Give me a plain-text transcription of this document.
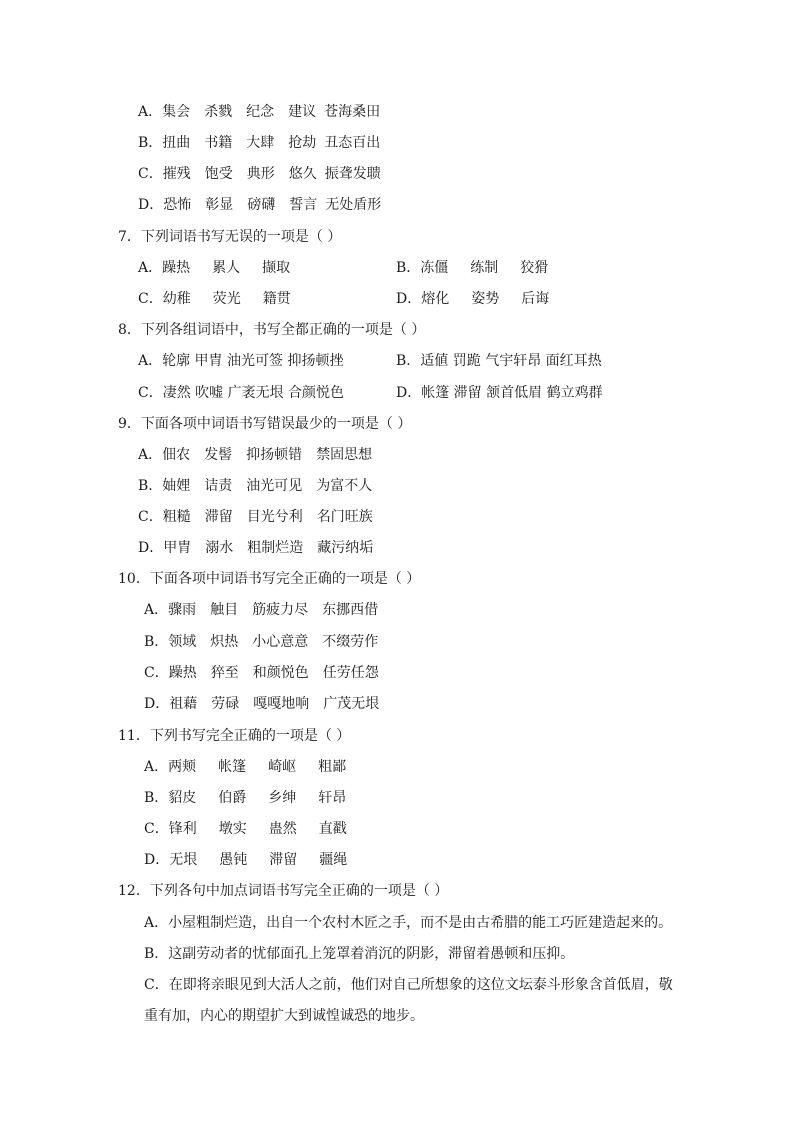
A．集会 杀戮 纪念 建议 苍海桑田
B．扭曲 书籍 大肆 抢劫 丑态百出
C．摧残 饱受 典形 悠久 振聋发聩
D．恐怖 彰显 磅礴 誓言 无处盾形
7．下列词语书写无误的一项是（ ）
A．躁热 累人 撷取	B．冻僵 练制 狡猾
C．幼稚 荧光 籍贯	D．熔化 姿势 后诲
8．下列各组词语中，书写全都正确的一项是（ ）
A．轮廓 甲胄 油光可签 抑扬顿挫	B．适値 罚跪 气宇轩昂 面红耳热
C．凄然 吹嘘 广袤无垠 合颜悦色	D．帐篷 滞留 颔首低眉 鹤立鸡群
9．下面各项中词语书写错误最少的一项是（ ）
A．佃农 发髻 抑扬顿错 禁固思想
B．妯娌 诘责 油光可见 为富不人
C．粗糙 滞留 目光兮利 名门旺族
D．甲胄 溺水 粗制烂造 藏污纳垢
10．下面各项中词语书写完全正确的一项是（ ）
A．骤雨 触目 筋疲力尽 东挪西借
B．领域 炽热 小心意意 不缀劳作
C．躁热 猝至 和颜悦色 任劳任怨
D．祖藉 劳碌 嘎嘎地响 广茂无垠
11．下列书写完全正确的一项是（ ）
A．两颊 帐篷 崎岖 粗鄙
B．貂皮 伯爵 乡绅 轩昂
C．锋利 墩实 蛊然 直戳
D．无垠 愚钝 滞留 疆绳
12．下列各句中加点词语书写完全正确的一项是（ ）
A．小屋粗制烂造，出自一个农村木匠之手，而不是由古希腊的能工巧匠建造起来的。
B．这副劳动者的忧郁面孔上笼罩着消沉的阴影，滞留着愚顿和压抑。
C．在即将亲眼见到大活人之前，他们对自己所想象的这位文坛泰斗形象含首低眉，敬
重有加，内心的期望扩大到诚惶诚恐的地步。
